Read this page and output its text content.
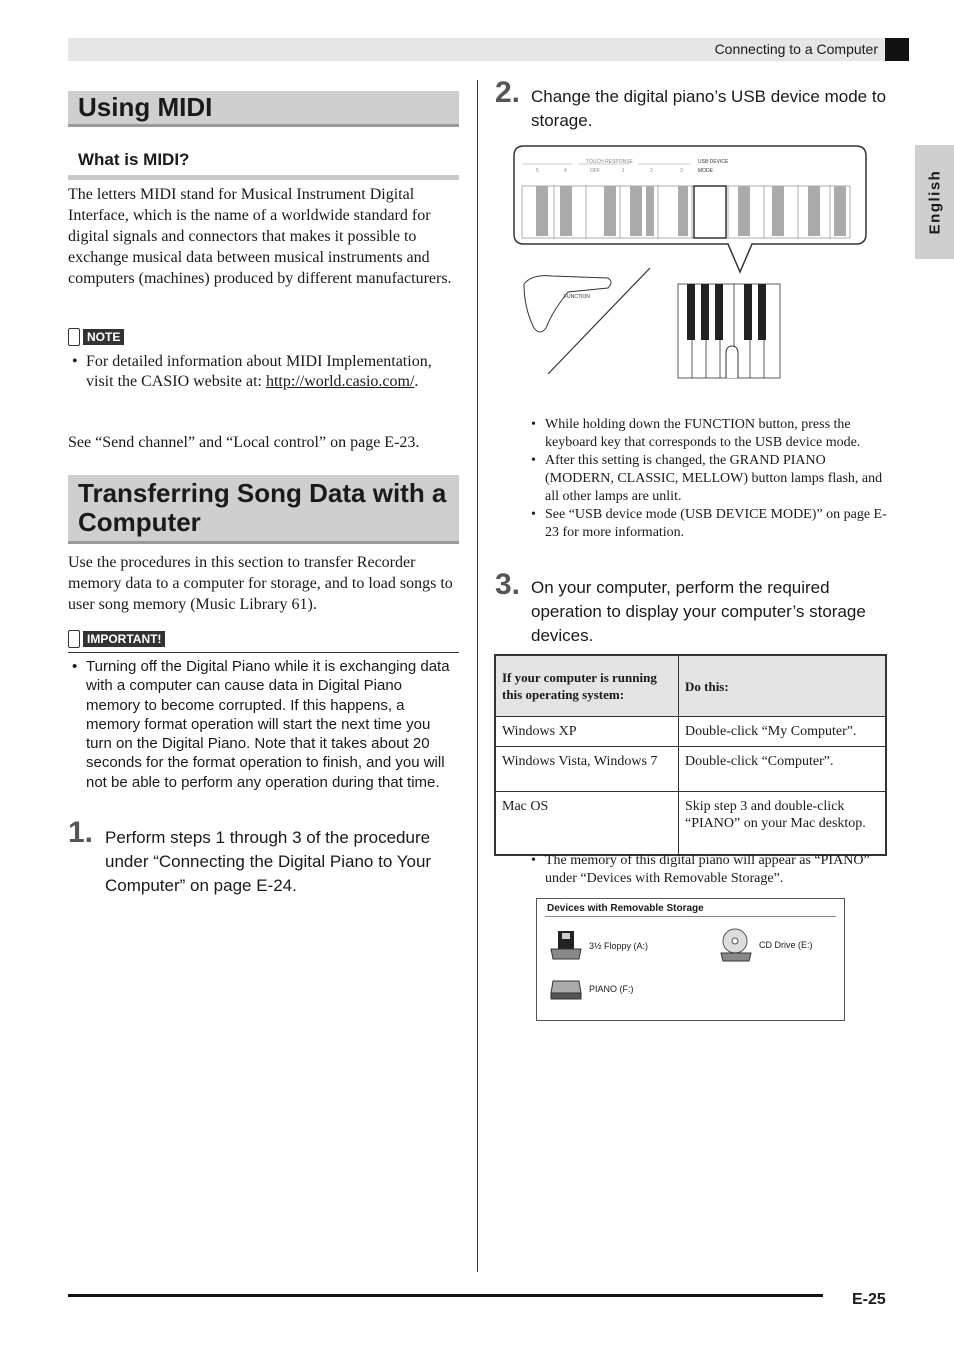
Connecting to a Computer
English
Using MIDI
What is MIDI?
The letters MIDI stand for Musical Instrument Digital Interface, which is the name of a worldwide standard for digital signals and connectors that makes it possible to exchange musical data between musical instruments and computers (machines) produced by different manufacturers.
NOTE
• For detailed information about MIDI Implementation, visit the CASIO website at: http://world.casio.com/.
See “Send channel” and “Local control” on page E-23.
Transferring Song Data with a Computer
Use the procedures in this section to transfer Recorder memory data to a computer for storage, and to load songs to user song memory (Music Library 61).
IMPORTANT!
• Turning off the Digital Piano while it is exchanging data with a computer can cause data in Digital Piano memory to become corrupted. If this happens, a memory format operation will start the next time you turn on the Digital Piano. Note that it takes about 20 seconds for the format operation to finish, and you will not be able to perform any operation during that time.
1. Perform steps 1 through 3 of the procedure under “Connecting the Digital Piano to Your Computer” on page E-24.
2. Change the digital piano’s USB device mode to storage.
TOUCH RESPONSE	USB DEVICE
MODE
5	4	OFF	1	2	3
FUNCTION
• While holding down the FUNCTION button, press the keyboard key that corresponds to the USB device mode.
• After this setting is changed, the GRAND PIANO (MODERN, CLASSIC, MELLOW) button lamps flash, and all other lamps are unlit.
• See “USB device mode (USB DEVICE MODE)” on page E-23 for more information.
3. On your computer, perform the required operation to display your computer’s storage devices.
If your computer is running this operating system:	Do this:
Windows XP	Double-click “My Computer”.
Windows Vista, Windows 7	Double-click “Computer”.
Mac OS	Skip step 3 and double-click “PIANO” on your Mac desktop.
• The memory of this digital piano will appear as “PIANO” under “Devices with Removable Storage”.
Devices with Removable Storage
3½ Floppy (A:)	CD Drive (E:)
PIANO (F:)
E-25
